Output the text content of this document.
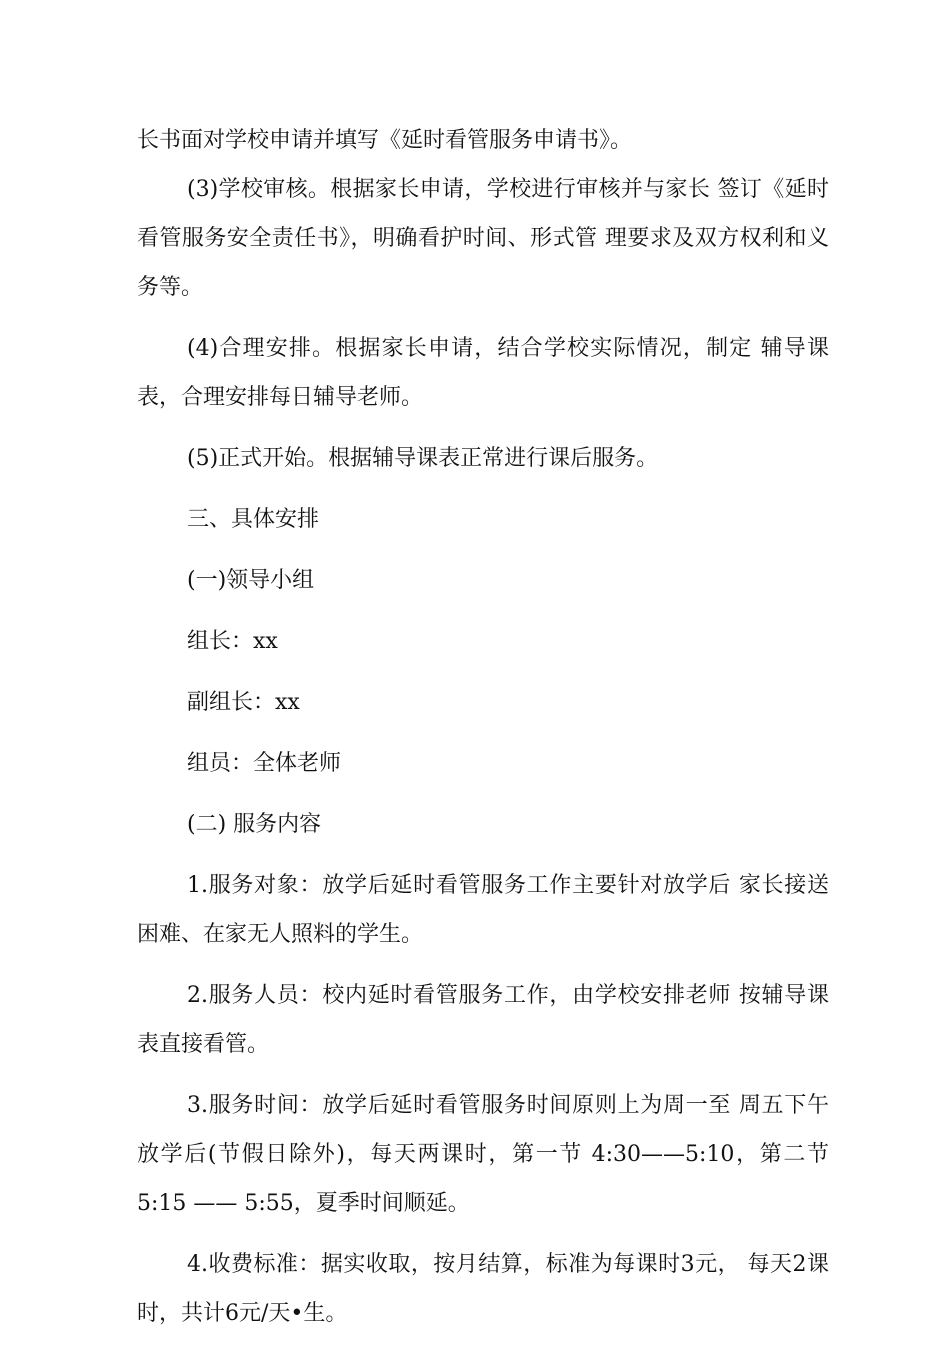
长书面对学校申请并填写《延时看管服务申请书》。

(3)学校审核。根据家长申请，学校进行审核并与家长 签订《延时看管服务安全责任书》，明确看护时间、形式管 理要求及双方权利和义务等。

(4)合理安排。根据家长申请，结合学校实际情况，制定 辅导课表，合理安排每日辅导老师。

(5)正式开始。根据辅导课表正常进行课后服务。

三、具体安排

(一)领导小组

组长：xx

副组长：xx

组员：全体老师

(二) 服务内容

1.服务对象：放学后延时看管服务工作主要针对放学后 家长接送困难、在家无人照料的学生。

2.服务人员：校内延时看管服务工作，由学校安排老师 按辅导课表直接看管。

3.服务时间：放学后延时看管服务时间原则上为周一至 周五下午放学后(节假日除外)，每天两课时，第一节 4:30——5:10，第二节5:15 —— 5:55，夏季时间顺延。

4.收费标准：据实收取，按月结算，标准为每课时3元， 每天2课时，共计6元/天•生。
